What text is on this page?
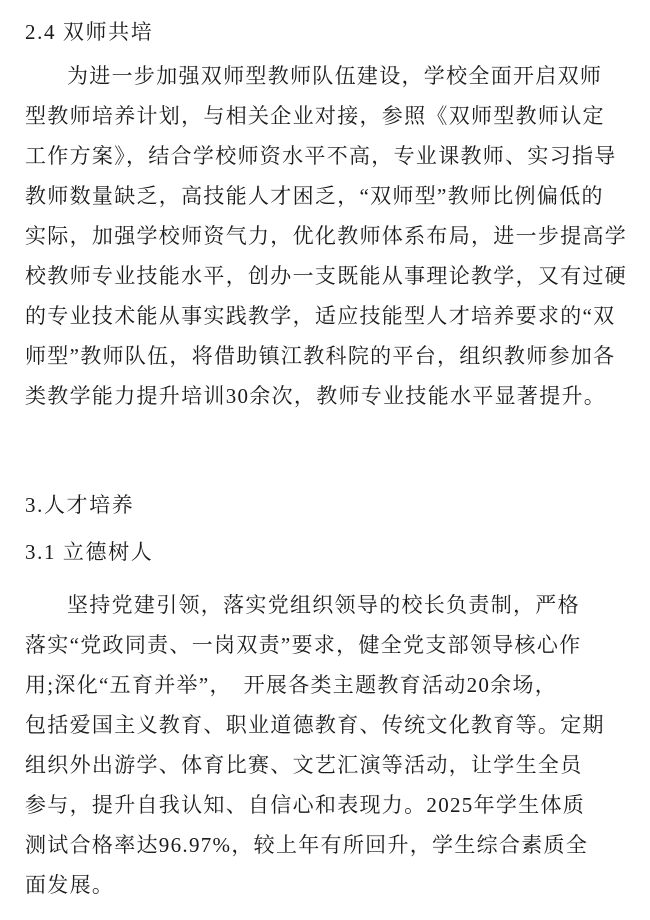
2.4 双师共培
为进一步加强双师型教师队伍建设，学校全面开启双师
型教师培养计划，与相关企业对接，参照《双师型教师认定
工作方案》，结合学校师资水平不高，专业课教师、实习指导
教师数量缺乏，高技能人才困乏，“双师型”教师比例偏低的
实际，加强学校师资气力，优化教师体系布局，进一步提高学
校教师专业技能水平，创办一支既能从事理论教学，又有过硬
的专业技术能从事实践教学，适应技能型人才培养要求的“双
师型”教师队伍，将借助镇江教科院的平台，组织教师参加各
类教学能力提升培训30余次，教师专业技能水平显著提升。
3.人才培养
3.1 立德树人
坚持党建引领，落实党组织领导的校长负责制，严格
落实“党政同责、一岗双责”要求，健全党支部领导核心作
用;深化“五育并举”，　开展各类主题教育活动20余场，
包括爱国主义教育、职业道德教育、传统文化教育等。定期
组织外出游学、体育比赛、文艺汇演等活动，让学生全员
参与，提升自我认知、自信心和表现力。2025年学生体质
测试合格率达96.97%，较上年有所回升，学生综合素质全
面发展。
